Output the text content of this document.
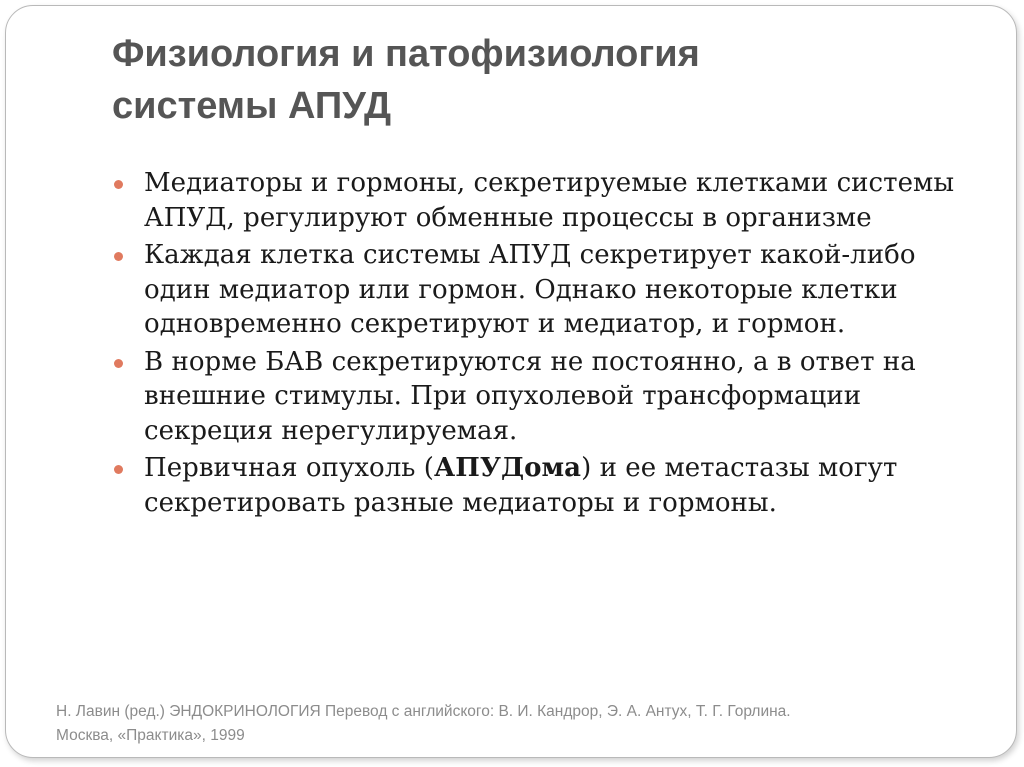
Физиология и патофизиология
системы АПУД
Медиаторы и гормоны, секретируемые клетками системы АПУД, регулируют обменные процессы в организме
Каждая клетка системы АПУД секретирует какой-либо один медиатор или гормон. Однако некоторые клетки одновременно секретируют и медиатор, и гормон.
В норме БАВ секретируются не постоянно, а в ответ на внешние стимулы. При опухолевой трансформации секреция нерегулируемая.
Первичная опухоль (АПУДома) и ее метастазы могут секретировать разные медиаторы и гормоны.
Н. Лавин (ред.) ЭНДОКРИНОЛОГИЯ Перевод с английского: В. И. Кандрор, Э. А. Антух, Т. Г. Горлина.
Москва, «Практика», 1999
